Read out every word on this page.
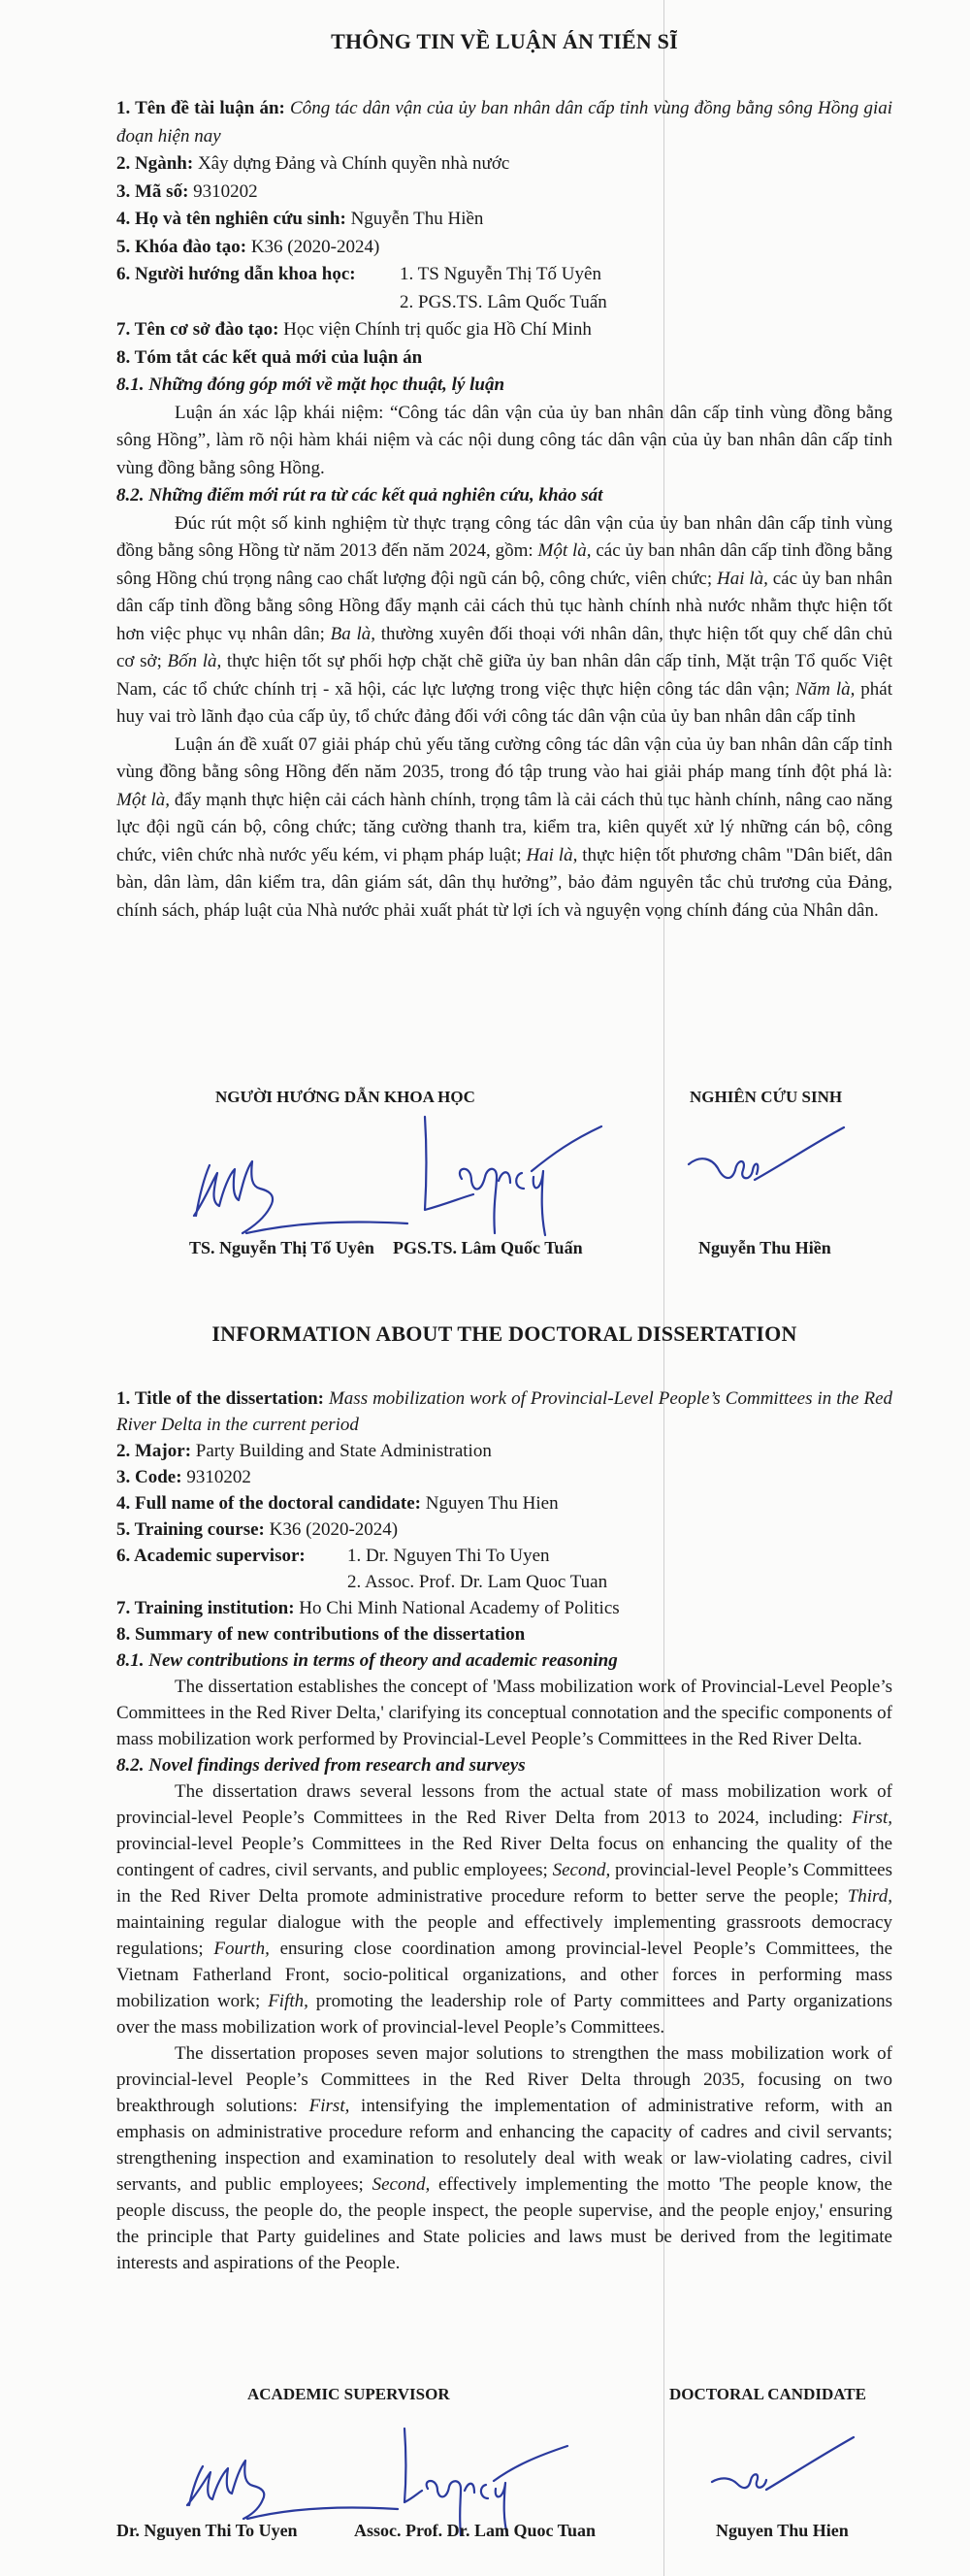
THÔNG TIN VỀ LUẬN ÁN TIẾN SĨ

1. Tên đề tài luận án: Công tác dân vận của ủy ban nhân dân cấp tỉnh vùng đồng bằng sông Hồng giai đoạn hiện nay

2. Ngành: Xây dựng Đảng và Chính quyền nhà nước

3. Mã số: 9310202

4. Họ và tên nghiên cứu sinh: Nguyễn Thu Hiền

5. Khóa đào tạo: K36 (2020-2024)

6. Người hướng dẫn khoa học:	1. TS Nguyễn Thị Tố Uyên
2. PGS.TS. Lâm Quốc Tuấn

7. Tên cơ sở đào tạo: Học viện Chính trị quốc gia Hồ Chí Minh

8. Tóm tắt các kết quả mới của luận án

8.1. Những đóng góp mới về mặt học thuật, lý luận

Luận án xác lập khái niệm: “Công tác dân vận của ủy ban nhân dân cấp tỉnh vùng đồng bằng sông Hồng”, làm rõ nội hàm khái niệm và các nội dung công tác dân vận của ủy ban nhân dân cấp tỉnh vùng đồng bằng sông Hồng.

8.2. Những điểm mới rút ra từ các kết quả nghiên cứu, khảo sát

Đúc rút một số kinh nghiệm từ thực trạng công tác dân vận của ủy ban nhân dân cấp tỉnh vùng đồng bằng sông Hồng từ năm 2013 đến năm 2024, gồm: Một là, các ủy ban nhân dân cấp tỉnh đồng bằng sông Hồng chú trọng nâng cao chất lượng đội ngũ cán bộ, công chức, viên chức; Hai là, các ủy ban nhân dân cấp tỉnh đồng bằng sông Hồng đẩy mạnh cải cách thủ tục hành chính nhà nước nhằm thực hiện tốt hơn việc phục vụ nhân dân; Ba là, thường xuyên đối thoại với nhân dân, thực hiện tốt quy chế dân chủ cơ sở; Bốn là, thực hiện tốt sự phối hợp chặt chẽ giữa ủy ban nhân dân cấp tỉnh, Mặt trận Tổ quốc Việt Nam, các tổ chức chính trị - xã hội, các lực lượng trong việc thực hiện công tác dân vận; Năm là, phát huy vai trò lãnh đạo của cấp ủy, tổ chức đảng đối với công tác dân vận của ủy ban nhân dân cấp tỉnh

Luận án đề xuất 07 giải pháp chủ yếu tăng cường công tác dân vận của ủy ban nhân dân cấp tỉnh vùng đồng bằng sông Hồng đến năm 2035, trong đó tập trung vào hai giải pháp mang tính đột phá là: Một là, đẩy mạnh thực hiện cải cách hành chính, trọng tâm là cải cách thủ tục hành chính, nâng cao năng lực đội ngũ cán bộ, công chức; tăng cường thanh tra, kiểm tra, kiên quyết xử lý những cán bộ, công chức, viên chức nhà nước yếu kém, vi phạm pháp luật; Hai là, thực hiện tốt phương châm "Dân biết, dân bàn, dân làm, dân kiểm tra, dân giám sát, dân thụ hưởng”, bảo đảm nguyên tắc chủ trương của Đảng, chính sách, pháp luật của Nhà nước phải xuất phát từ lợi ích và nguyện vọng chính đáng của Nhân dân.

NGƯỜI HƯỚNG DẪN KHOA HỌC	NGHIÊN CỨU SINH
TS. Nguyễn Thị Tố Uyên PGS.TS. Lâm Quốc Tuấn	Nguyễn Thu Hiền
INFORMATION ABOUT THE DOCTORAL DISSERTATION

1. Title of the dissertation: Mass mobilization work of Provincial-Level People’s Committees in the Red River Delta in the current period

2. Major: Party Building and State Administration

3. Code: 9310202

4. Full name of the doctoral candidate: Nguyen Thu Hien

5. Training course: K36 (2020-2024)

6. Academic supervisor:	1. Dr. Nguyen Thi To Uyen
2. Assoc. Prof. Dr. Lam Quoc Tuan

7. Training institution: Ho Chi Minh National Academy of Politics

8. Summary of new contributions of the dissertation

8.1. New contributions in terms of theory and academic reasoning

The dissertation establishes the concept of 'Mass mobilization work of Provincial-Level People’s Committees in the Red River Delta,' clarifying its conceptual connotation and the specific components of mass mobilization work performed by Provincial-Level People’s Committees in the Red River Delta.

8.2. Novel findings derived from research and surveys

The dissertation draws several lessons from the actual state of mass mobilization work of provincial-level People’s Committees in the Red River Delta from 2013 to 2024, including: First, provincial-level People’s Committees in the Red River Delta focus on enhancing the quality of the contingent of cadres, civil servants, and public employees; Second, provincial-level People’s Committees in the Red River Delta promote administrative procedure reform to better serve the people; Third, maintaining regular dialogue with the people and effectively implementing grassroots democracy regulations; Fourth, ensuring close coordination among provincial-level People’s Committees, the Vietnam Fatherland Front, socio-political organizations, and other forces in performing mass mobilization work; Fifth, promoting the leadership role of Party committees and Party organizations over the mass mobilization work of provincial-level People’s Committees.

The dissertation proposes seven major solutions to strengthen the mass mobilization work of provincial-level People’s Committees in the Red River Delta through 2035, focusing on two breakthrough solutions: First, intensifying the implementation of administrative reform, with an emphasis on administrative procedure reform and enhancing the capacity of cadres and civil servants; strengthening inspection and examination to resolutely deal with weak or law-violating cadres, civil servants, and public employees; Second, effectively implementing the motto 'The people know, the people discuss, the people do, the people inspect, the people supervise, and the people enjoy,' ensuring the principle that Party guidelines and State policies and laws must be derived from the legitimate interests and aspirations of the People.

ACADEMIC SUPERVISOR	DOCTORAL CANDIDATE
Dr. Nguyen Thi To Uyen	Assoc. Prof. Dr. Lam Quoc Tuan	Nguyen Thu Hien
